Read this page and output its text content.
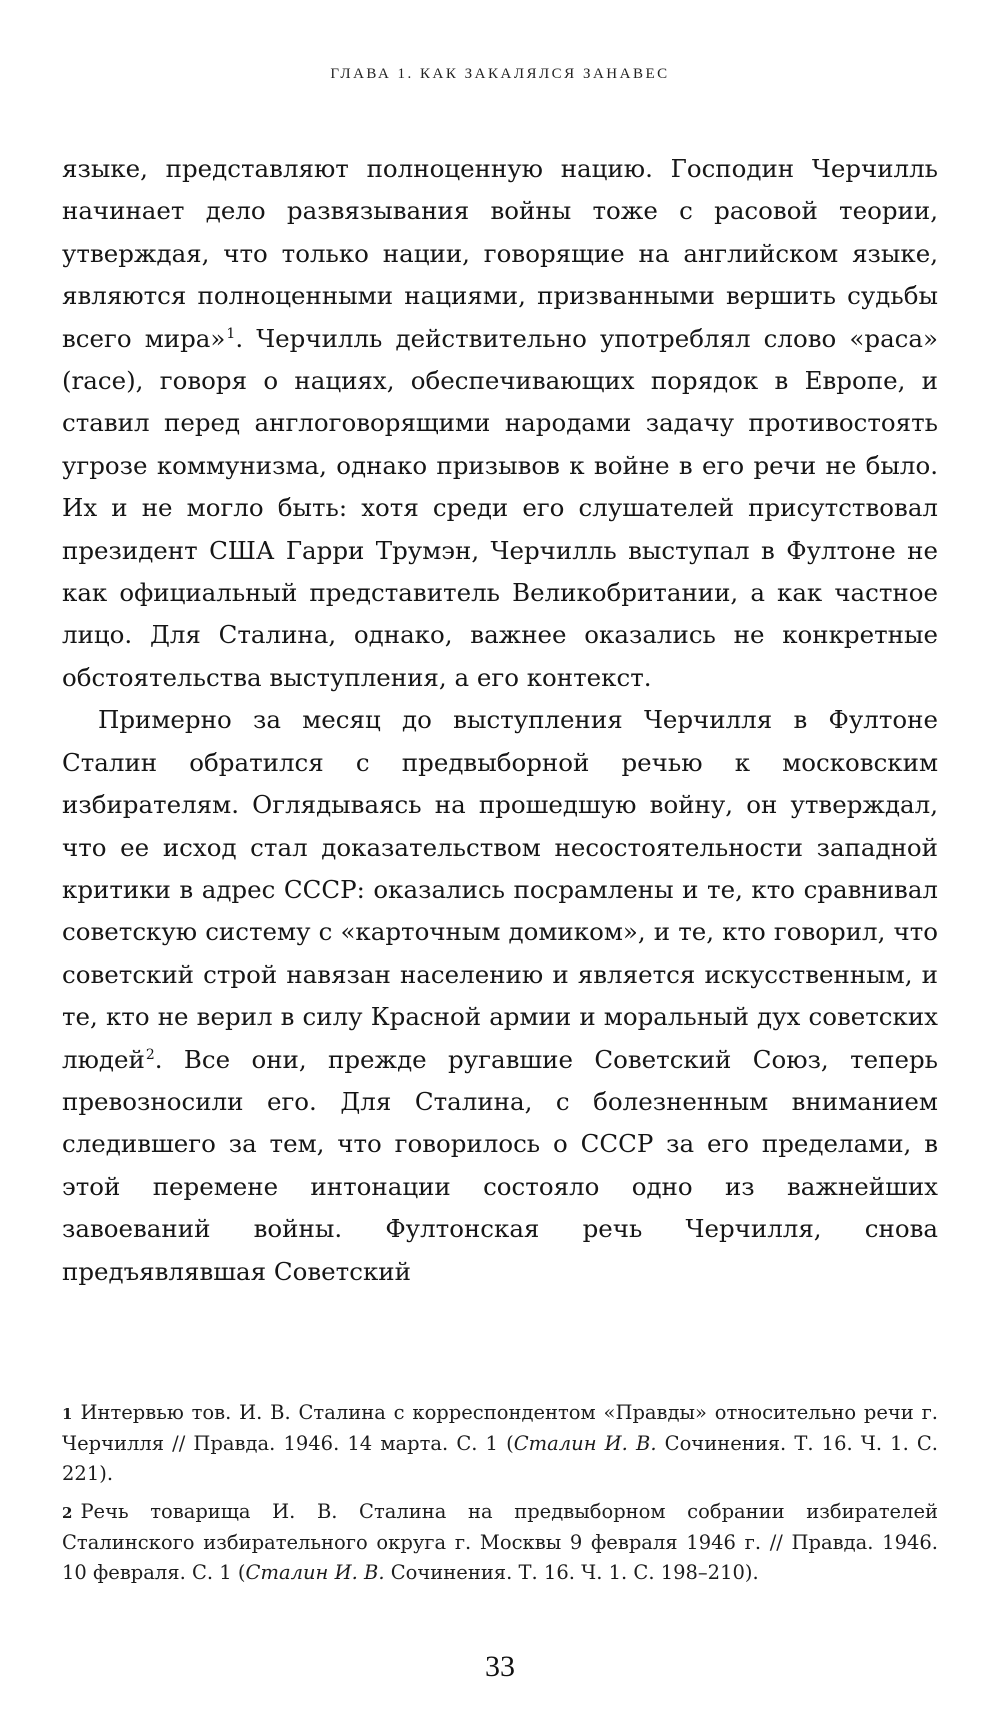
ГЛАВА 1. КАК ЗАКАЛЯЛСЯ ЗАНАВЕС

языке, представляют полноценную нацию. Господин Черчилль начинает дело развязывания войны тоже с расовой теории, утверждая, что только нации, говорящие на английском языке, являются полноценными нациями, призванными вершить судьбы всего мира»$^1$. Черчилль действительно употреблял слово «раса» (race), говоря о нациях, обеспечивающих порядок в Европе, и ставил перед англоговорящими народами задачу противостоять угрозе коммунизма, однако призывов к войне в его речи не было. Их и не могло быть: хотя среди его слушателей присутствовал президент США Гарри Трумэн, Черчилль выступал в Фултоне не как официальный представитель Великобритании, а как частное лицо. Для Сталина, однако, важнее оказались не конкретные обстоятельства выступления, а его контекст.

Примерно за месяц до выступления Черчилля в Фултоне Сталин обратился с предвыборной речью к московским избирателям. Оглядываясь на прошедшую войну, он утверждал, что ее исход стал доказательством несостоятельности западной критики в адрес СССР: оказались посрамлены и те, кто сравнивал советскую систему с «карточным домиком», и те, кто говорил, что советский строй навязан населению и является искусственным, и те, кто не верил в силу Красной армии и моральный дух советских людей$^2$. Все они, прежде ругавшие Советский Союз, теперь превозносили его. Для Сталина, с болезненным вниманием следившего за тем, что говорилось о СССР за его пределами, в этой перемене интонации состояло одно из важнейших завоеваний войны. Фултонская речь Черчилля, снова предъявлявшая Советский

1 Интервью тов. И. В. Сталина с корреспондентом «Правды» относительно речи г. Черчилля // Правда. 1946. 14 марта. С. 1 (Сталин И. В. Сочинения. Т. 16. Ч. 1. С. 221).

2 Речь товарища И. В. Сталина на предвыборном собрании избирателей Сталинского избирательного округа г. Москвы 9 февраля 1946 г. // Правда. 1946. 10 февраля. С. 1 (Сталин И. В. Сочинения. Т. 16. Ч. 1. С. 198–210).

33
